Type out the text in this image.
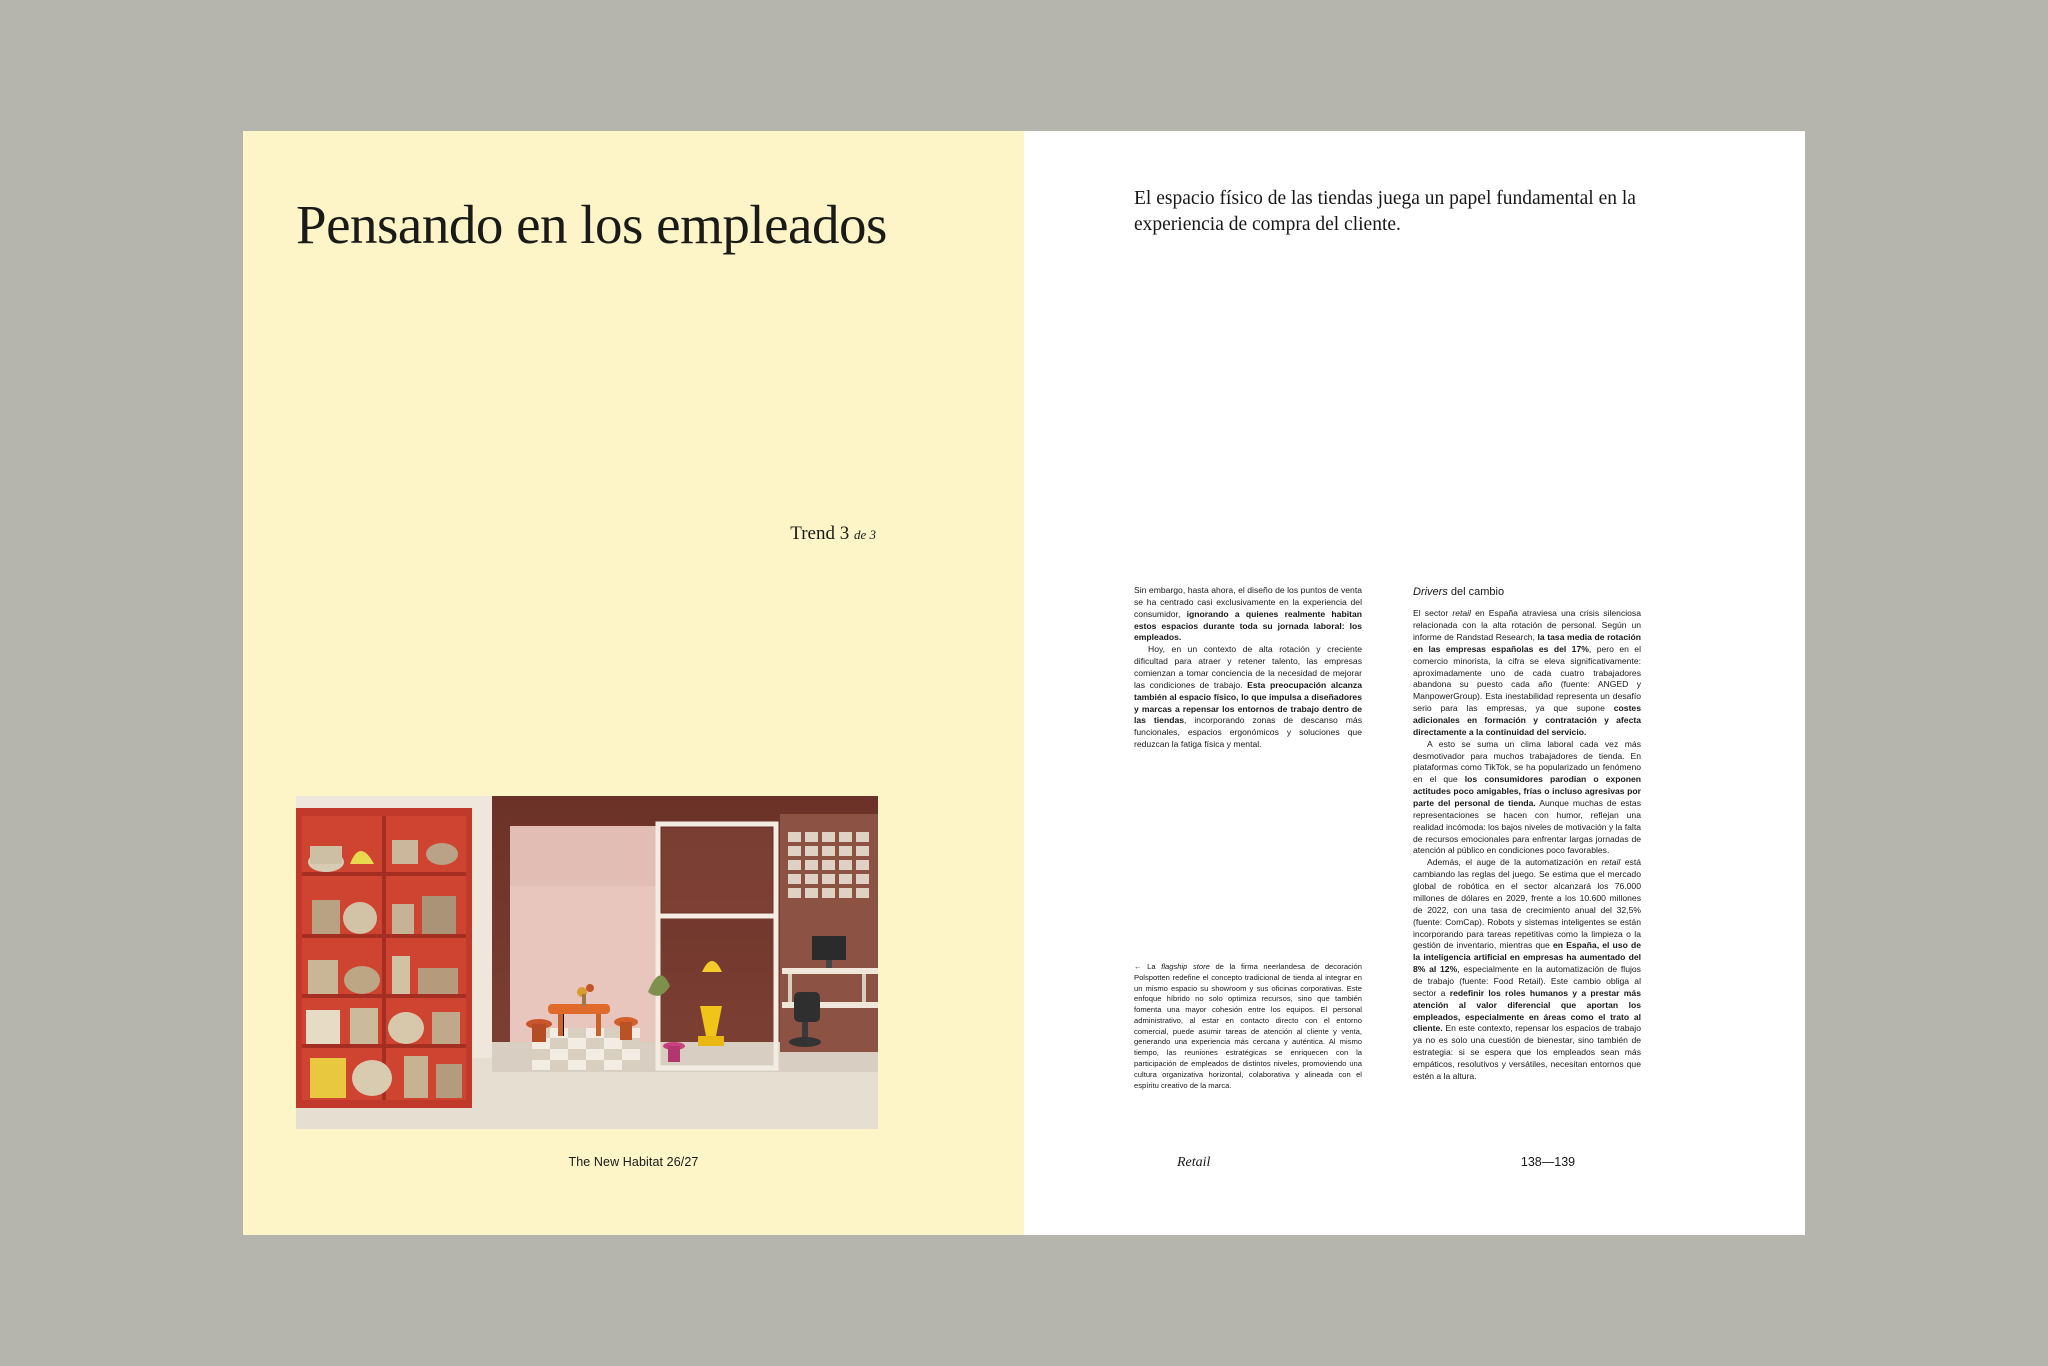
Pensando en los empleados
Trend 3 de 3
The New Habitat 26/27
El espacio físico de las tiendas juega un papel fundamental en la experiencia de compra del cliente.

Sin embargo, hasta ahora, el diseño de los puntos de venta se ha centrado casi exclusivamente en la experiencia del consumidor, ignorando a quienes realmente habitan estos espacios durante toda su jornada laboral: los empleados.

Hoy, en un contexto de alta rotación y creciente dificultad para atraer y retener talento, las empresas comienzan a tomar conciencia de la necesidad de mejorar las condiciones de trabajo. Esta preocupación alcanza también al espacio físico, lo que impulsa a diseñadores y marcas a repensar los entornos de trabajo dentro de las tiendas, incorporando zonas de descanso más funcionales, espacios ergonómicos y soluciones que reduzcan la fatiga física y mental.

Drivers del cambio

El sector retail en España atraviesa una crisis silenciosa relacionada con la alta rotación de personal. Según un informe de Randstad Research, la tasa media de rotación en las empresas españolas es del 17%, pero en el comercio minorista, la cifra se eleva significativamente: aproximadamente uno de cada cuatro trabajadores abandona su puesto cada año (fuente: ANGED y ManpowerGroup). Esta inestabilidad representa un desafío serio para las empresas, ya que supone costes adicionales en formación y contratación y afecta directamente a la continuidad del servicio.

A esto se suma un clima laboral cada vez más desmotivador para muchos trabajadores de tienda. En plataformas como TikTok, se ha popularizado un fenómeno en el que los consumidores parodian o exponen actitudes poco amigables, frías o incluso agresivas por parte del personal de tienda. Aunque muchas de estas representaciones se hacen con humor, reflejan una realidad incómoda: los bajos niveles de motivación y la falta de recursos emocionales para enfrentar largas jornadas de atención al público en condiciones poco favorables.

Además, el auge de la automatización en retail está cambiando las reglas del juego. Se estima que el mercado global de robótica en el sector alcanzará los 76.000 millones de dólares en 2029, frente a los 10.600 millones de 2022, con una tasa de crecimiento anual del 32,5% (fuente: ComCap). Robots y sistemas inteligentes se están incorporando para tareas repetitivas como la limpieza o la gestión de inventario, mientras que en España, el uso de la inteligencia artificial en empresas ha aumentado del 8% al 12%, especialmente en la automatización de flujos de trabajo (fuente: Food Retail). Este cambio obliga al sector a redefinir los roles humanos y a prestar más atención al valor diferencial que aportan los empleados, especialmente en áreas como el trato al cliente. En este contexto, repensar los espacios de trabajo ya no es solo una cuestión de bienestar, sino también de estrategia: si se espera que los empleados sean más empáticos, resolutivos y versátiles, necesitan entornos que estén a la altura.

← La flagship store de la firma neerlandesa de decoración Polspotten redefine el concepto tradicional de tienda al integrar en un mismo espacio su showroom y sus oficinas corporativas. Este enfoque híbrido no solo optimiza recursos, sino que también fomenta una mayor cohesión entre los equipos. El personal administrativo, al estar en contacto directo con el entorno comercial, puede asumir tareas de atención al cliente y venta, generando una experiencia más cercana y auténtica. Al mismo tiempo, las reuniones estratégicas se enriquecen con la participación de empleados de distintos niveles, promoviendo una cultura organizativa horizontal, colaborativa y alineada con el espíritu creativo de la marca.
Retail	138—139
